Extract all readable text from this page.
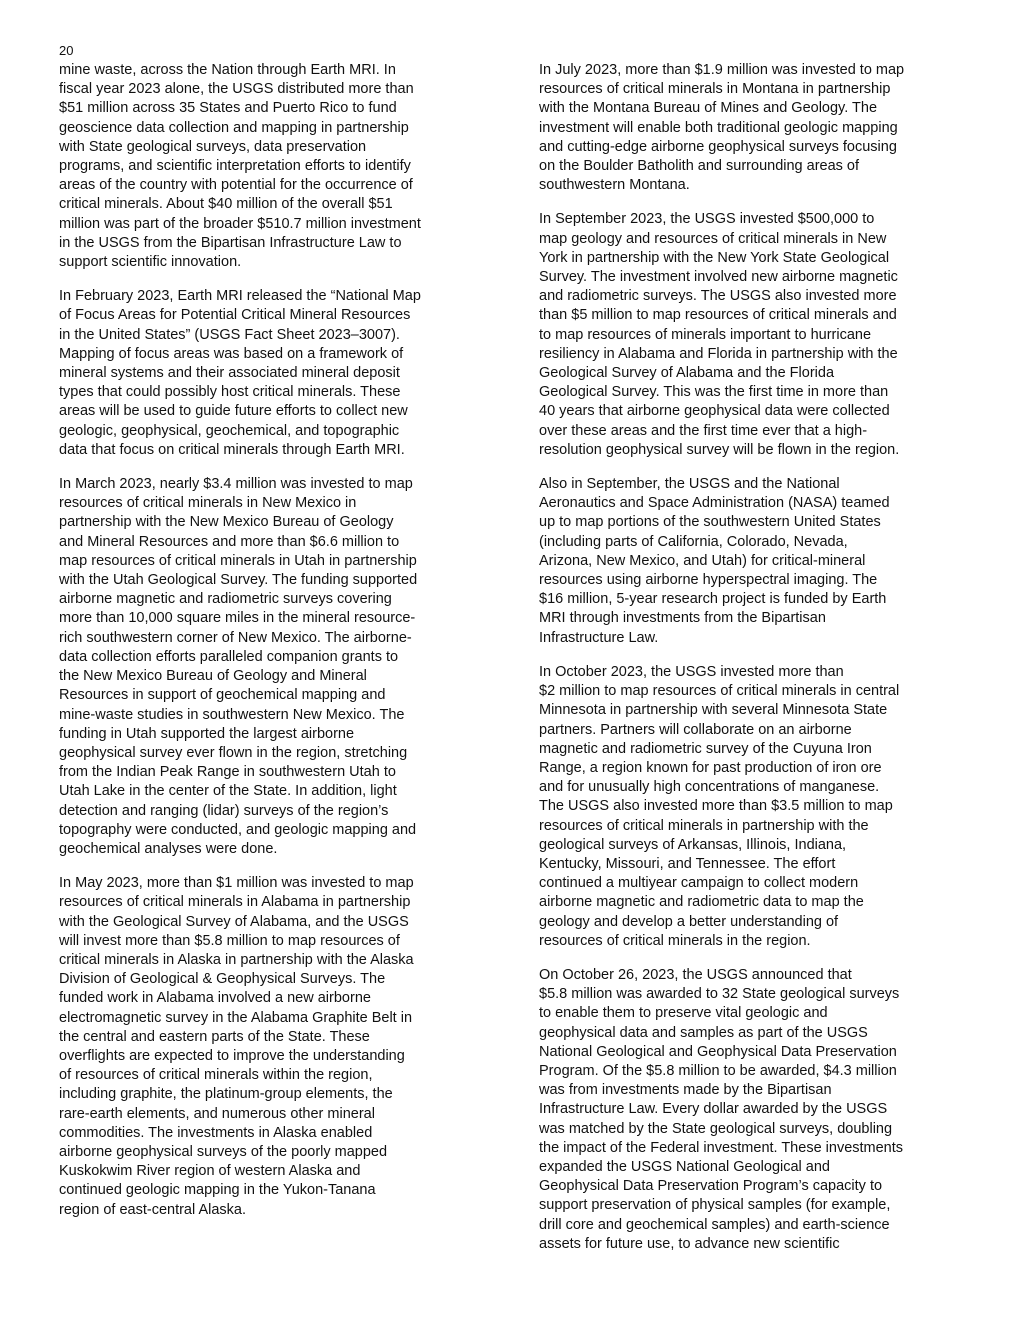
20

mine waste, across the Nation through Earth MRI. In
fiscal year 2023 alone, the USGS distributed more than
$51 million across 35 States and Puerto Rico to fund
geoscience data collection and mapping in partnership
with State geological surveys, data preservation
programs, and scientific interpretation efforts to identify
areas of the country with potential for the occurrence of
critical minerals. About $40 million of the overall $51
million was part of the broader $510.7 million investment
in the USGS from the Bipartisan Infrastructure Law to
support scientific innovation.

In February 2023, Earth MRI released the “National Map
of Focus Areas for Potential Critical Mineral Resources
in the United States” (USGS Fact Sheet 2023–3007).
Mapping of focus areas was based on a framework of
mineral systems and their associated mineral deposit
types that could possibly host critical minerals. These
areas will be used to guide future efforts to collect new
geologic, geophysical, geochemical, and topographic
data that focus on critical minerals through Earth MRI.

In March 2023, nearly $3.4 million was invested to map
resources of critical minerals in New Mexico in
partnership with the New Mexico Bureau of Geology
and Mineral Resources and more than $6.6 million to
map resources of critical minerals in Utah in partnership
with the Utah Geological Survey. The funding supported
airborne magnetic and radiometric surveys covering
more than 10,000 square miles in the mineral resource-
rich southwestern corner of New Mexico. The airborne-
data collection efforts paralleled companion grants to
the New Mexico Bureau of Geology and Mineral
Resources in support of geochemical mapping and
mine-waste studies in southwestern New Mexico. The
funding in Utah supported the largest airborne
geophysical survey ever flown in the region, stretching
from the Indian Peak Range in southwestern Utah to
Utah Lake in the center of the State. In addition, light
detection and ranging (lidar) surveys of the region’s
topography were conducted, and geologic mapping and
geochemical analyses were done.

In May 2023, more than $1 million was invested to map
resources of critical minerals in Alabama in partnership
with the Geological Survey of Alabama, and the USGS
will invest more than $5.8 million to map resources of
critical minerals in Alaska in partnership with the Alaska
Division of Geological & Geophysical Surveys. The
funded work in Alabama involved a new airborne
electromagnetic survey in the Alabama Graphite Belt in
the central and eastern parts of the State. These
overflights are expected to improve the understanding
of resources of critical minerals within the region,
including graphite, the platinum-group elements, the
rare-earth elements, and numerous other mineral
commodities. The investments in Alaska enabled
airborne geophysical surveys of the poorly mapped
Kuskokwim River region of western Alaska and
continued geologic mapping in the Yukon-Tanana
region of east-central Alaska.

In July 2023, more than $1.9 million was invested to map
resources of critical minerals in Montana in partnership
with the Montana Bureau of Mines and Geology. The
investment will enable both traditional geologic mapping
and cutting-edge airborne geophysical surveys focusing
on the Boulder Batholith and surrounding areas of
southwestern Montana.

In September 2023, the USGS invested $500,000 to
map geology and resources of critical minerals in New
York in partnership with the New York State Geological
Survey. The investment involved new airborne magnetic
and radiometric surveys. The USGS also invested more
than $5 million to map resources of critical minerals and
to map resources of minerals important to hurricane
resiliency in Alabama and Florida in partnership with the
Geological Survey of Alabama and the Florida
Geological Survey. This was the first time in more than
40 years that airborne geophysical data were collected
over these areas and the first time ever that a high-
resolution geophysical survey will be flown in the region.

Also in September, the USGS and the National
Aeronautics and Space Administration (NASA) teamed
up to map portions of the southwestern United States
(including parts of California, Colorado, Nevada,
Arizona, New Mexico, and Utah) for critical-mineral
resources using airborne hyperspectral imaging. The
$16 million, 5-year research project is funded by Earth
MRI through investments from the Bipartisan
Infrastructure Law.

In October 2023, the USGS invested more than
$2 million to map resources of critical minerals in central
Minnesota in partnership with several Minnesota State
partners. Partners will collaborate on an airborne
magnetic and radiometric survey of the Cuyuna Iron
Range, a region known for past production of iron ore
and for unusually high concentrations of manganese.
The USGS also invested more than $3.5 million to map
resources of critical minerals in partnership with the
geological surveys of Arkansas, Illinois, Indiana,
Kentucky, Missouri, and Tennessee. The effort
continued a multiyear campaign to collect modern
airborne magnetic and radiometric data to map the
geology and develop a better understanding of
resources of critical minerals in the region.

On October 26, 2023, the USGS announced that
$5.8 million was awarded to 32 State geological surveys
to enable them to preserve vital geologic and
geophysical data and samples as part of the USGS
National Geological and Geophysical Data Preservation
Program. Of the $5.8 million to be awarded, $4.3 million
was from investments made by the Bipartisan
Infrastructure Law. Every dollar awarded by the USGS
was matched by the State geological surveys, doubling
the impact of the Federal investment. These investments
expanded the USGS National Geological and
Geophysical Data Preservation Program’s capacity to
support preservation of physical samples (for example,
drill core and geochemical samples) and earth-science
assets for future use, to advance new scientific
